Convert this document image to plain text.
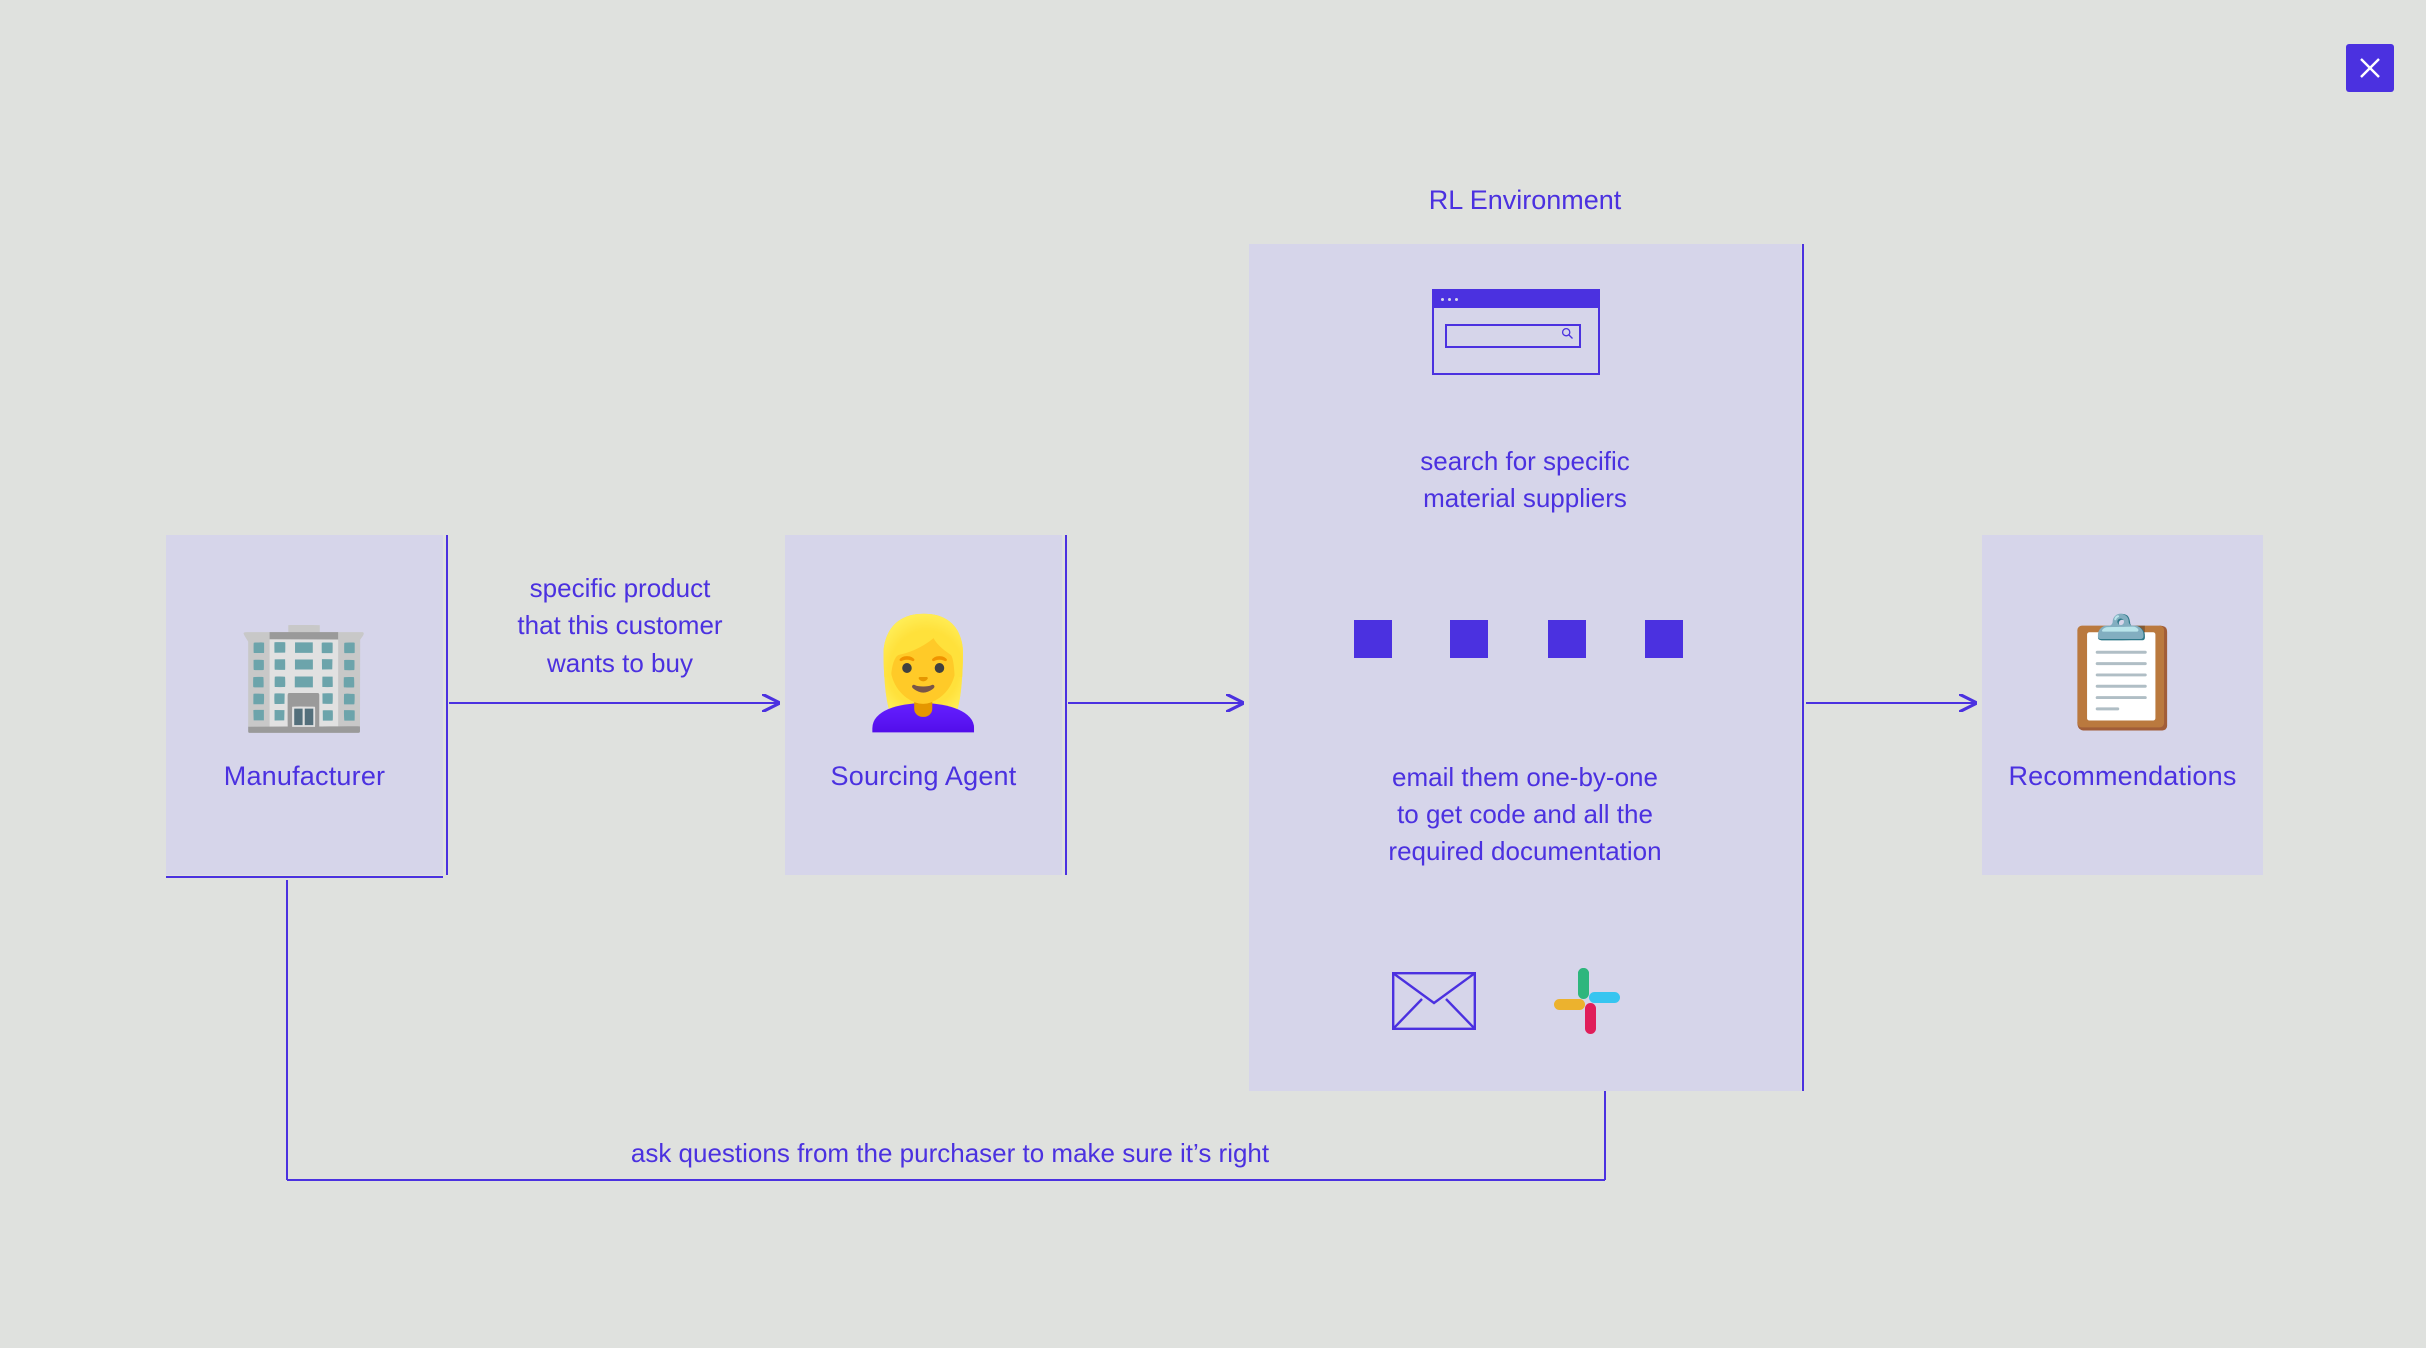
🏢
Manufacturer
👱‍♀️
Sourcing Agent
📋
Recommendations
RL Environment
search for specific
material suppliers
email them one-by-one
to get code and all the
required documentation
specific product
that this customer
wants to buy
ask questions from the purchaser to make sure it’s right
